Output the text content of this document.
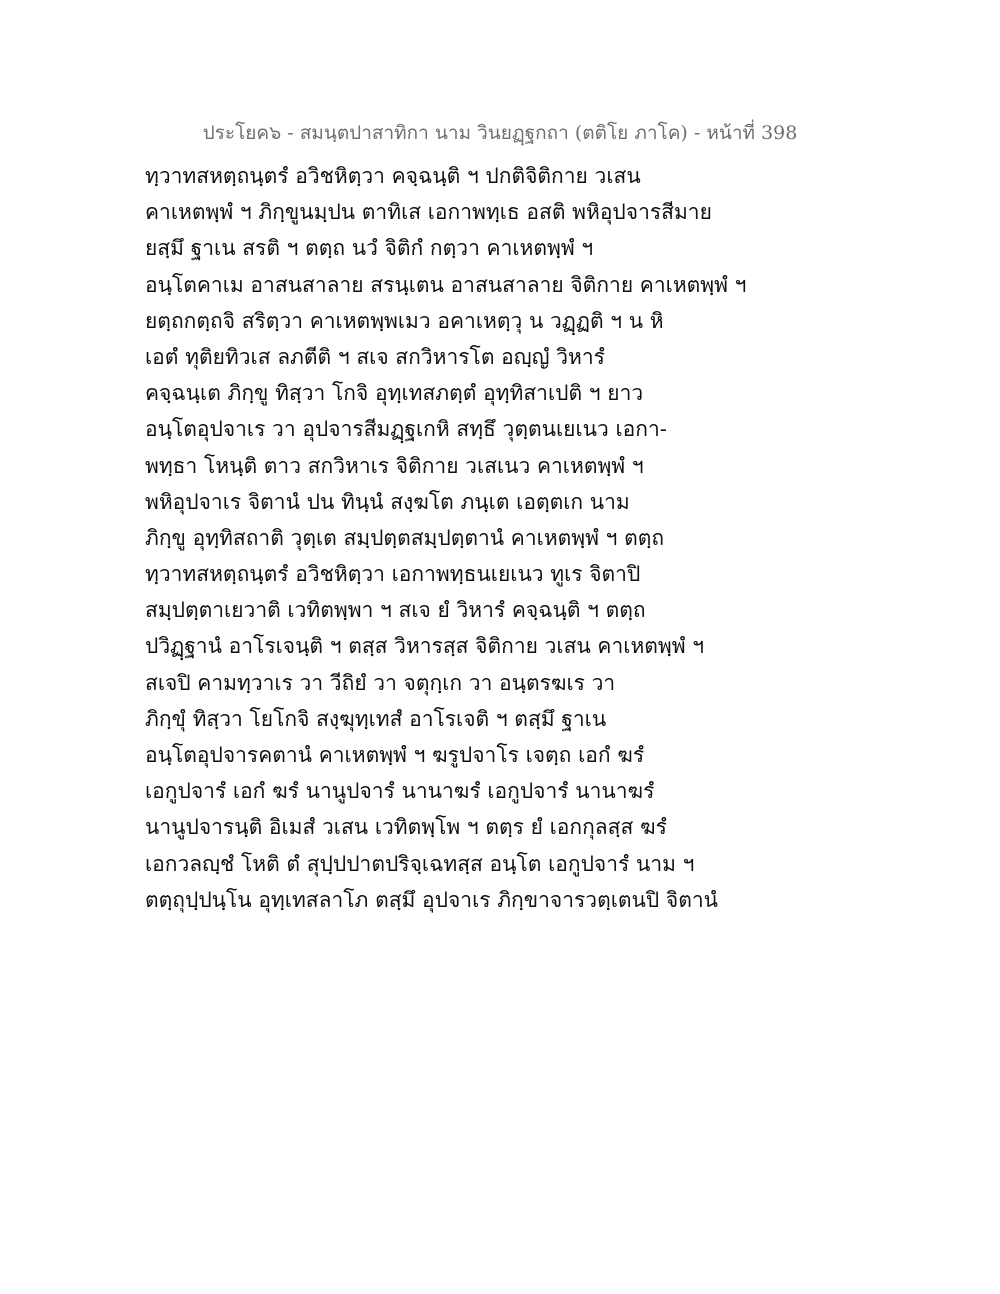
ประโยค๖ - สมนฺตปาสาทิกา นาม วินยฏฺฐกถา (ตติโย ภาโค) - หน้าที่ 398
ทฺวาทสหตฺถนฺตรํ อวิชหิตฺวา คจฺฉนฺติ ฯ ปกติจิติกาย วเสน
คาเหตพฺพํ ฯ ภิกฺขูนมฺปน ตาทิเส เอกาพทฺเธ อสติ พหิอุปจารสีมาย
ยสฺมึ ฐาเน สรติ ฯ ตตฺถ นวํ จิติกํ กตฺวา คาเหตพฺพํ ฯ
อนฺโตคาเม อาสนสาลาย สรนฺเตน อาสนสาลาย จิติกาย คาเหตพฺพํ ฯ
ยตฺถกตฺถจิ สริตฺวา คาเหตพฺพเมว อคาเหตฺวุ น วฏฺฏติ ฯ น หิ
เอตํ ทุติยทิวเส ลภตีติ ฯ สเจ สกวิหารโต อญฺญํ วิหารํ
คจฺฉนฺเต ภิกฺขู ทิสฺวา โกจิ อุทฺเทสภตฺตํ อุทฺทิสาเปติ ฯ ยาว
อนฺโตอุปจาเร วา อุปจารสีมฏฺฐเกหิ สทฺธึ วุตฺตนเยเนว เอกา-
พทฺธา โหนฺติ ตาว สกวิหาเร จิติกาย วเสเนว คาเหตพฺพํ ฯ
พหิอุปจาเร จิตานํ ปน ทินฺนํ สงฺฆโต ภนฺเต เอตฺตเก นาม
ภิกฺขู อุทฺทิสถาติ วุตฺเต สมฺปตฺตสมฺปตฺตานํ คาเหตพฺพํ ฯ ตตฺถ
ทฺวาทสหตฺถนฺตรํ อวิชหิตฺวา เอกาพทฺธนเยเนว ทูเร จิตาปิ
สมฺปตฺตาเยวาติ เวทิตพฺพา ฯ สเจ ยํ วิหารํ คจฺฉนฺติ ฯ ตตฺถ
ปวิฏฺฐานํ อาโรเจนฺติ ฯ ตสฺส วิหารสฺส จิติกาย วเสน คาเหตพฺพํ ฯ
สเจปิ คามทฺวาเร วา วีถิยํ วา จตุกฺเก วา อนฺตรฆเร วา
ภิกฺขุํ ทิสฺวา โยโกจิ สงฺฆุทฺเทสํ อาโรเจติ ฯ ตสฺมึ ฐาเน
อนฺโตอุปจารคตานํ คาเหตพฺพํ ฯ ฆรูปจาโร เจตฺถ เอกํ ฆรํ
เอกูปจารํ เอกํ ฆรํ นานูปจารํ นานาฆรํ เอกูปจารํ นานาฆรํ
นานูปจารนฺติ อิเมสํ วเสน เวทิตพฺโพ ฯ ตตฺร ยํ เอกกุลสฺส ฆรํ
เอกวลญฺชํ โหติ ตํ สุปฺปปาตปริจฺเฉทสฺส อนฺโต เอกูปจารํ นาม ฯ
ตตฺถุปฺปนฺโน อุทฺเทสลาโภ ตสฺมึ อุปจาเร ภิกฺขาจารวตฺเตนปิ จิตานํ
